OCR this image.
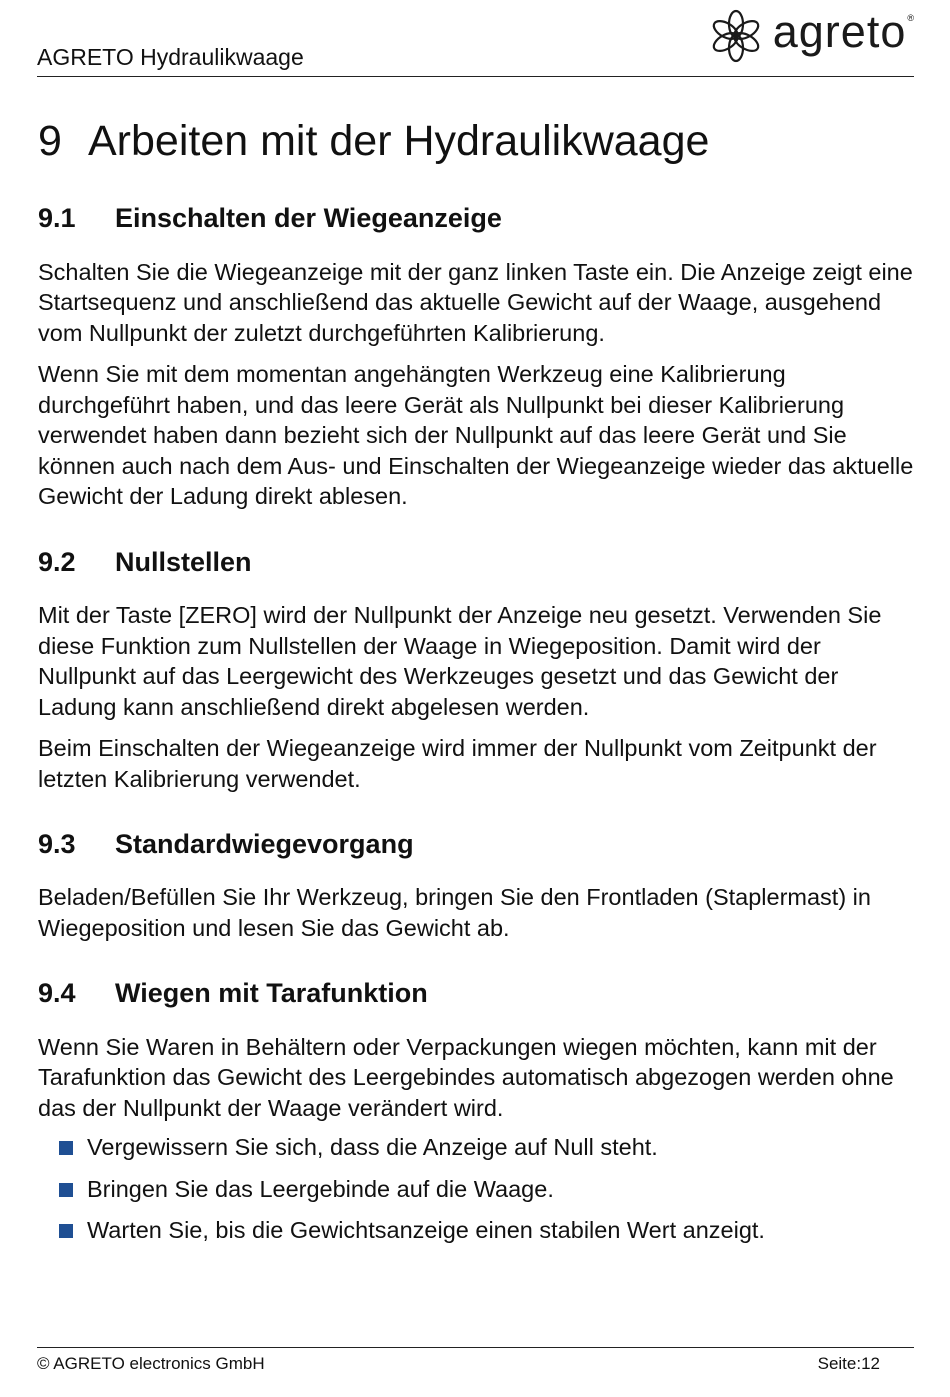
AGRETO Hydraulikwaage	agreto ®
9 Arbeiten mit der Hydraulikwaage
9.1	Einschalten der Wiegeanzeige

Schalten Sie die Wiegeanzeige mit der ganz linken Taste ein. Die Anzeige zeigt eine Startsequenz und anschließend das aktuelle Gewicht auf der Waage, ausgehend vom Nullpunkt der zuletzt durchgeführten Kalibrierung.

Wenn Sie mit dem momentan angehängten Werkzeug eine Kalibrierung durchgeführt haben, und das leere Gerät als Nullpunkt bei dieser Kalibrierung verwendet haben dann bezieht sich der Nullpunkt auf das leere Gerät und Sie können auch nach dem Aus- und Einschalten der Wiegeanzeige wieder das aktuelle Gewicht der Ladung direkt ablesen.

9.2	Nullstellen

Mit der Taste [ZERO] wird der Nullpunkt der Anzeige neu gesetzt. Verwenden Sie diese Funktion zum Nullstellen der Waage in Wiegeposition. Damit wird der Nullpunkt auf das Leergewicht des Werkzeuges gesetzt und das Gewicht der Ladung kann anschließend direkt abgelesen werden.

Beim Einschalten der Wiegeanzeige wird immer der Nullpunkt vom Zeitpunkt der letzten Kalibrierung verwendet.

9.3	Standardwiegevorgang

Beladen/Befüllen Sie Ihr Werkzeug, bringen Sie den Frontladen (Staplermast) in Wiegeposition und lesen Sie das Gewicht ab.

9.4	Wiegen mit Tarafunktion

Wenn Sie Waren in Behältern oder Verpackungen wiegen möchten, kann mit der Tarafunktion das Gewicht des Leergebindes automatisch abgezogen werden ohne das der Nullpunkt der Waage verändert wird.

Vergewissern Sie sich, dass die Anzeige auf Null steht.
Bringen Sie das Leergebinde auf die Waage.
Warten Sie, bis die Gewichtsanzeige einen stabilen Wert anzeigt.
© AGRETO electronics GmbH	Seite:12
